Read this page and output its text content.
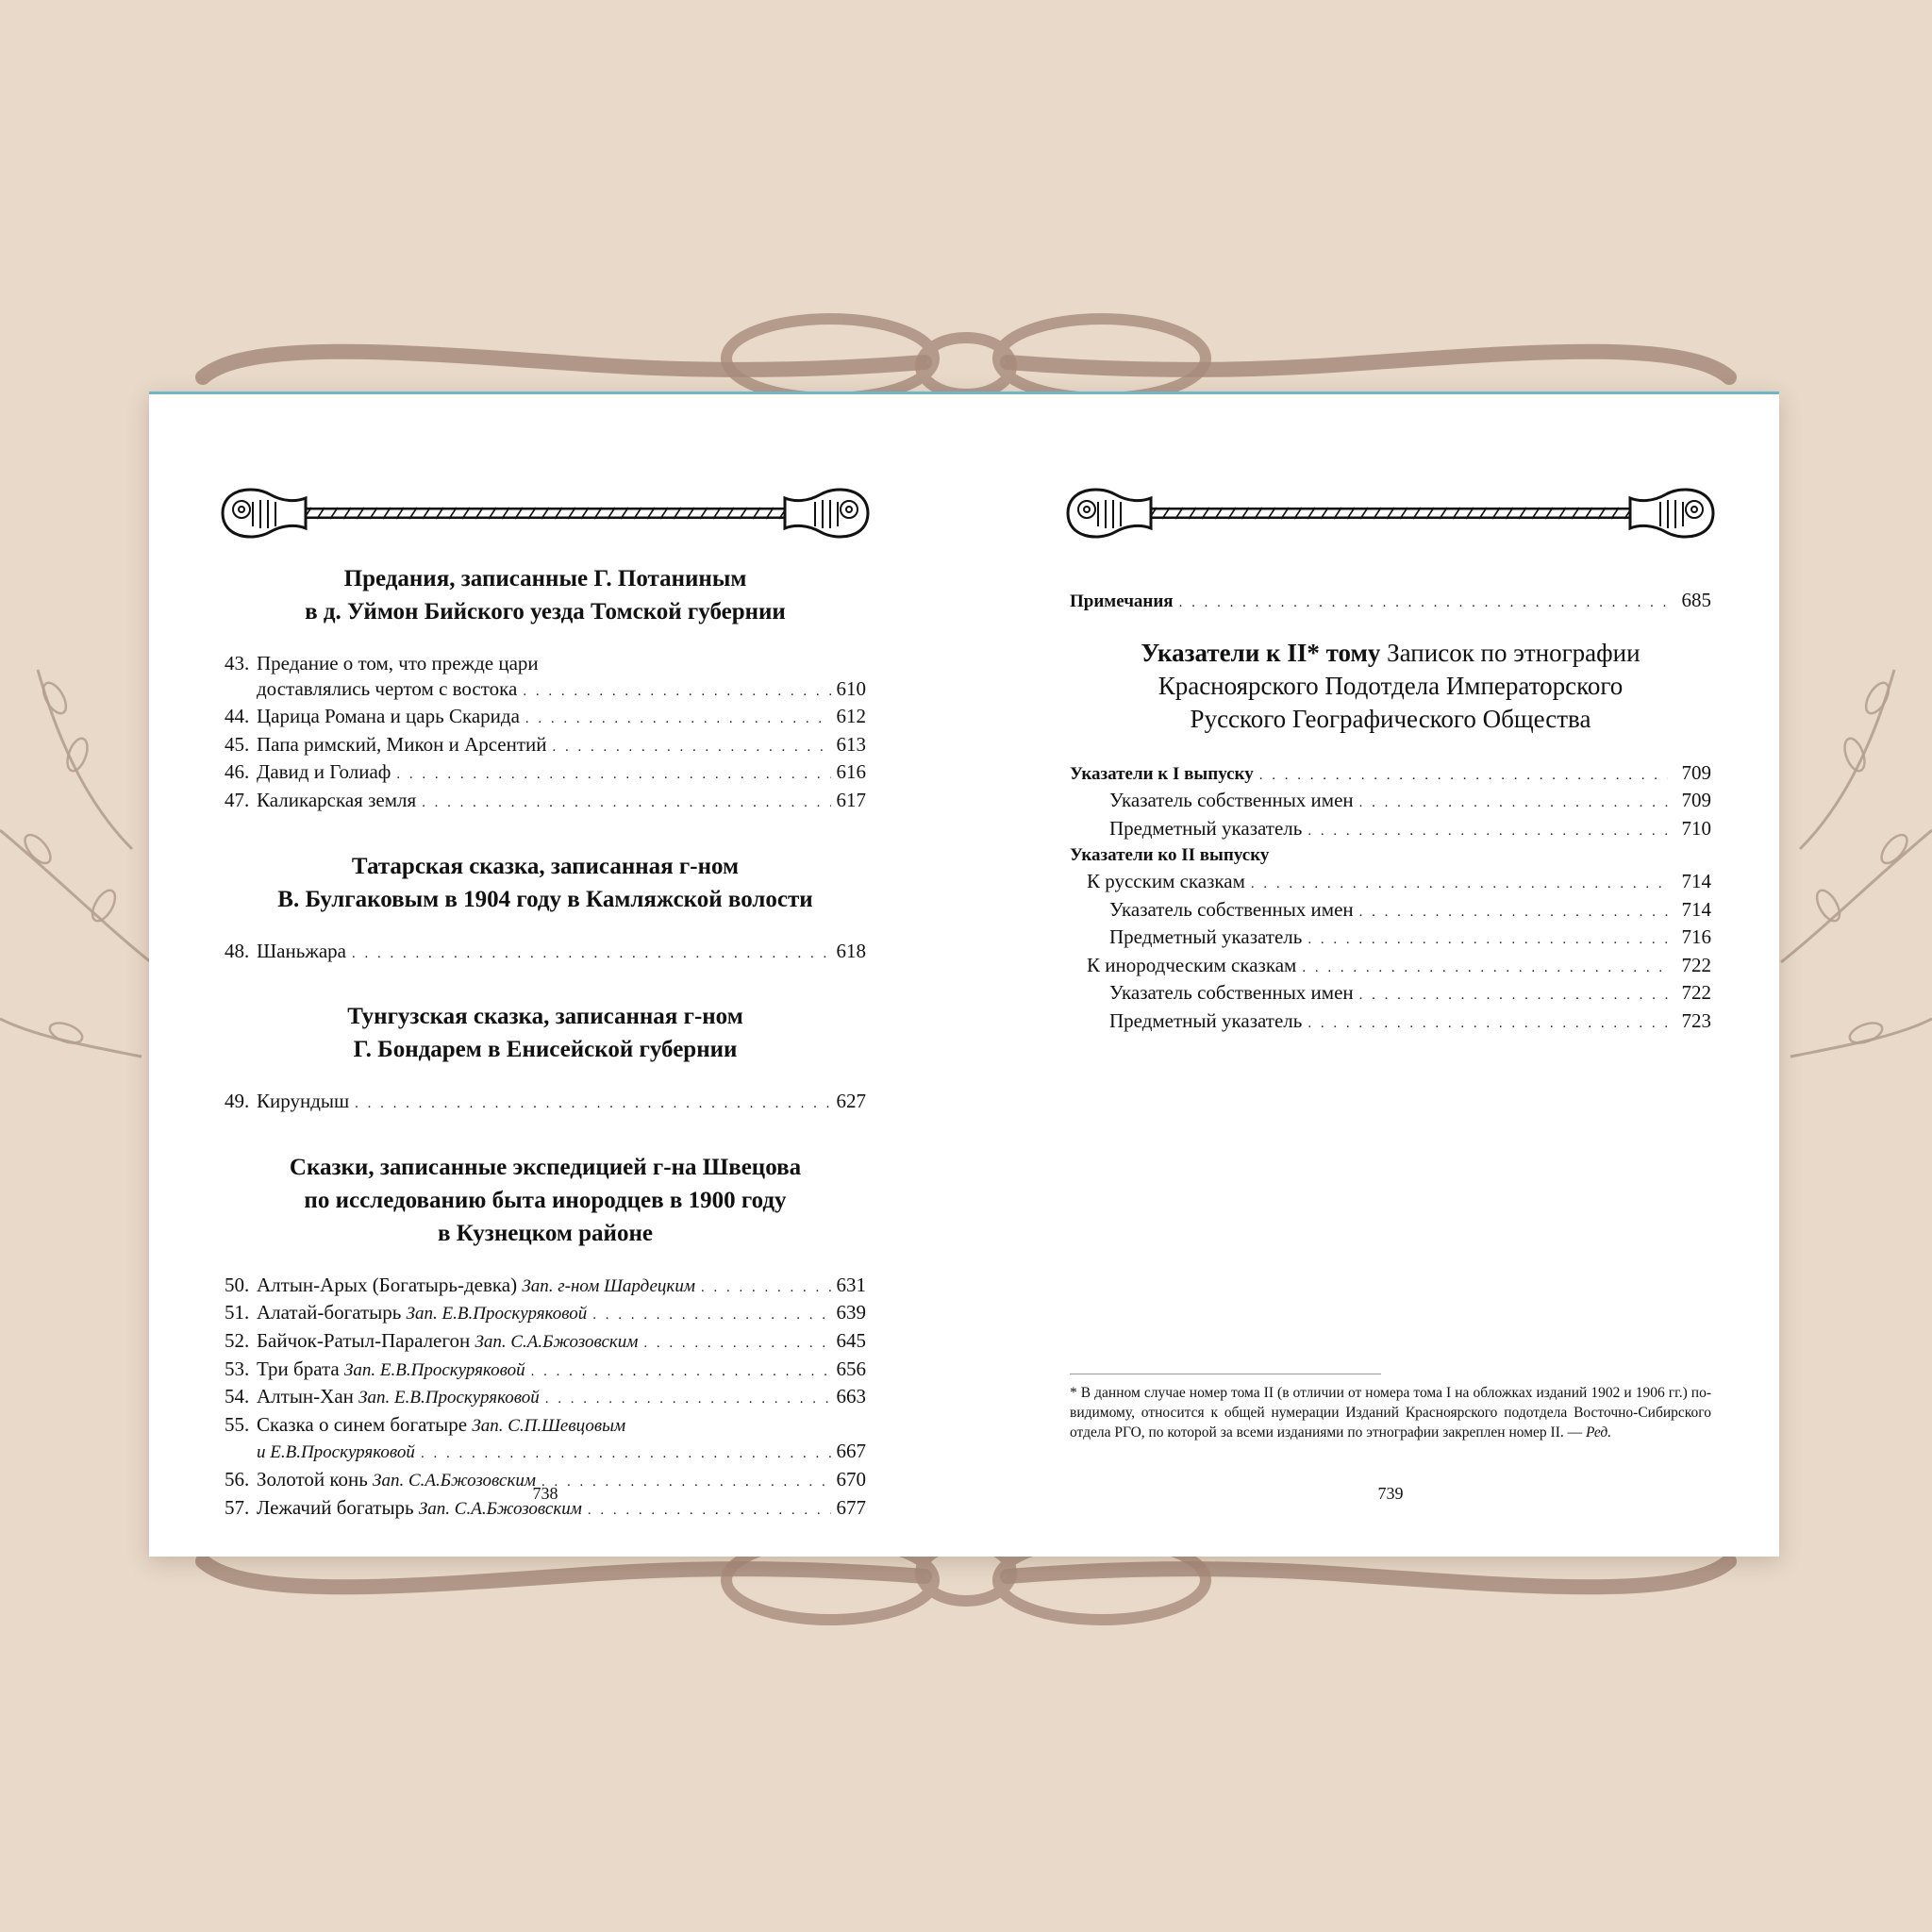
Предания, записанные Г. Потаниным
в д. Уймон Бийского уезда Томской губернии
43. Предание о том, что прежде цари
доставлялись чертом с востока . . .	610
44. Царица Романа и царь Скарида . . .	612
45. Папа римский, Микон и Арсентий . . .	613
46. Давид и Голиаф . . .	616
47. Каликарская земля . . .	617
Татарская сказка, записанная г-ном
В. Булгаковым в 1904 году в Камляжской волости
48. Шаньжара . . .	618
Тунгузская сказка, записанная г-ном
Г. Бондарем в Енисейской губернии
49. Кирундыш . . .	627
Сказки, записанные экспедицией г-на Швецова
по исследованию быта инородцев в 1900 году
в Кузнецком районе
50. Алтын-Арых (Богатырь-девка) Зап. г-ном Шардецким . . .	631
51. Алатай-богатырь Зап. Е.В.Проскуряковой . . .	639
52. Байчок-Ратыл-Паралегон Зап. С.А.Бжозовским . . .	645
53. Три брата Зап. Е.В.Проскуряковой . . .	656
54. Алтын-Хан Зап. Е.В.Проскуряковой . . .	663
55. Сказка о синем богатыре Зап. С.П.Шевцовым
и Е.В.Проскуряковой . . .	667
56. Золотой конь Зап. С.А.Бжозовским . . .	670
57. Лежачий богатырь Зап. С.А.Бжозовским . . .	677
738
Примечания . . .	685
Указатели к II* тому Записок по этнографии
Красноярского Подотдела Императорского
Русского Географического Общества
Указатели к I выпуску . . .	709
Указатель собственных имен . . .	709
Предметный указатель . . .	710
Указатели ко II выпуску
К русским сказкам . . .	714
Указатель собственных имен . . .	714
Предметный указатель . . .	716
К инородческим сказкам . . .	722
Указатель собственных имен . . .	722
Предметный указатель . . .	723
* В данном случае номер тома II (в отличии от номера тома I на обложках изданий 1902 и 1906 гг.) по-видимому, относится к общей нумерации Изданий Красноярского подотдела Восточно-Сибирского отдела РГО, по которой за всеми изданиями по этнографии закреплен номер II. — Ред.
739
